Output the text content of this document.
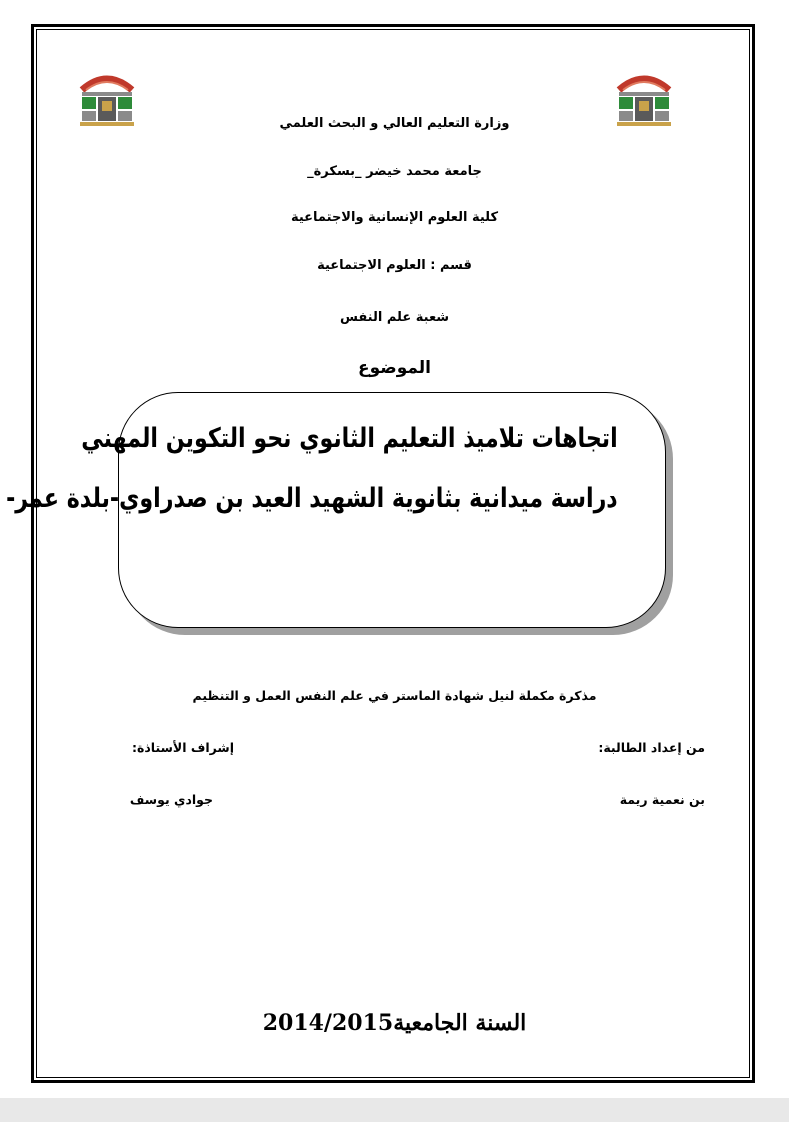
وزارة التعليم العالي و البحث العلمي
جامعة محمد خيضر _بسكرة_
كلية العلوم الإنسانية والاجتماعية
قسم : العلوم الاجتماعية
شعبة علم النفس
الموضوع
اتجاهات تلاميذ التعليم الثانوي نحو التكوين المهني
دراسة ميدانية بثانوية الشهيد العيد بن صدراوي-بلدة عمر-
مذكرة مكملة لنيل شهادة الماستر في علم النفس العمل و التنظيم
من إعداد الطالبة:
إشراف الأستاذة:
بن نعمية ريمة
جوادي يوسف
السنة الجامعية2014/2015
